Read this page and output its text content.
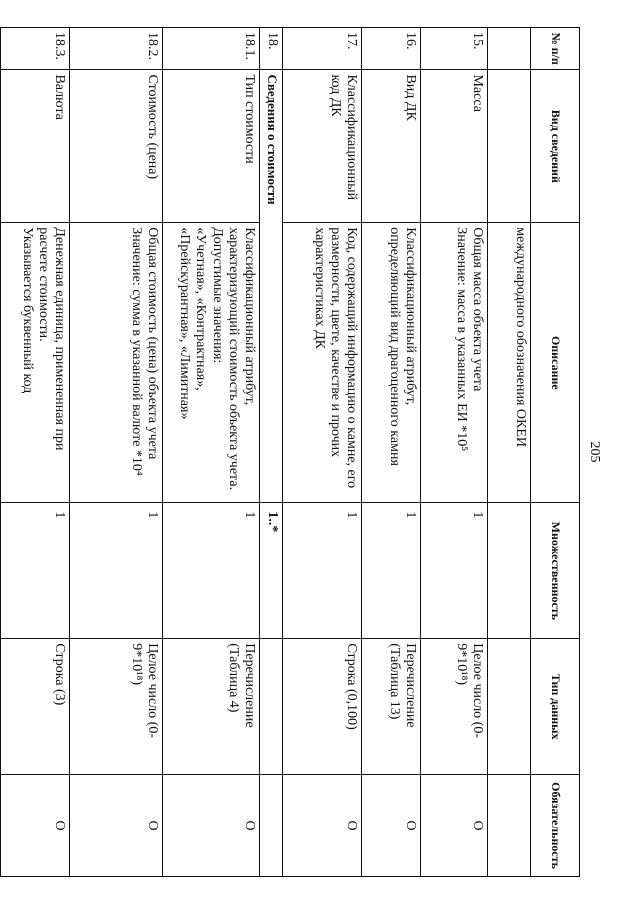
205
№ п/п	Вид сведений	Описание	Множественность	Тип данных	Обязательность
		международного обозначения ОКЕИ			
15.	Масса	Общая масса объекта учета
Значение: масса в указанных ЕИ *10⁵	1	Целое число (0-9*10¹⁸)	О
16.	Вид ДК	Классификационный атрибут, определяющий вид драгоценного камня	1	Перечисление (Таблица 13)	О
17.	Классификационный код ДК	Код, содержащий информацию о камне, его размерности, цвете, качестве и прочих характеристиках ДК	1	Строка (0,100)	О
18.	Сведения о стоимости		1..*		
18.1.	Тип стоимости	Классификационный атрибут, характеризующий стоимость объекта учета.
Допустимые значения:
«Учетная», «Контрактная»,
«Прейскурантная», «Лимитная»	1	Перечисление (Таблица 4)	О
18.2.	Стоимость (цена)	Общая стоимость (цена) объекта учета
Значение: сумма в указанной валюте *10⁴	1	Целое число (0-9*10¹⁸)	О
18.3.	Валюта	Денежная единица, примененная при расчете стоимости.
Указывается буквенный код	1	Строка (3)	О
